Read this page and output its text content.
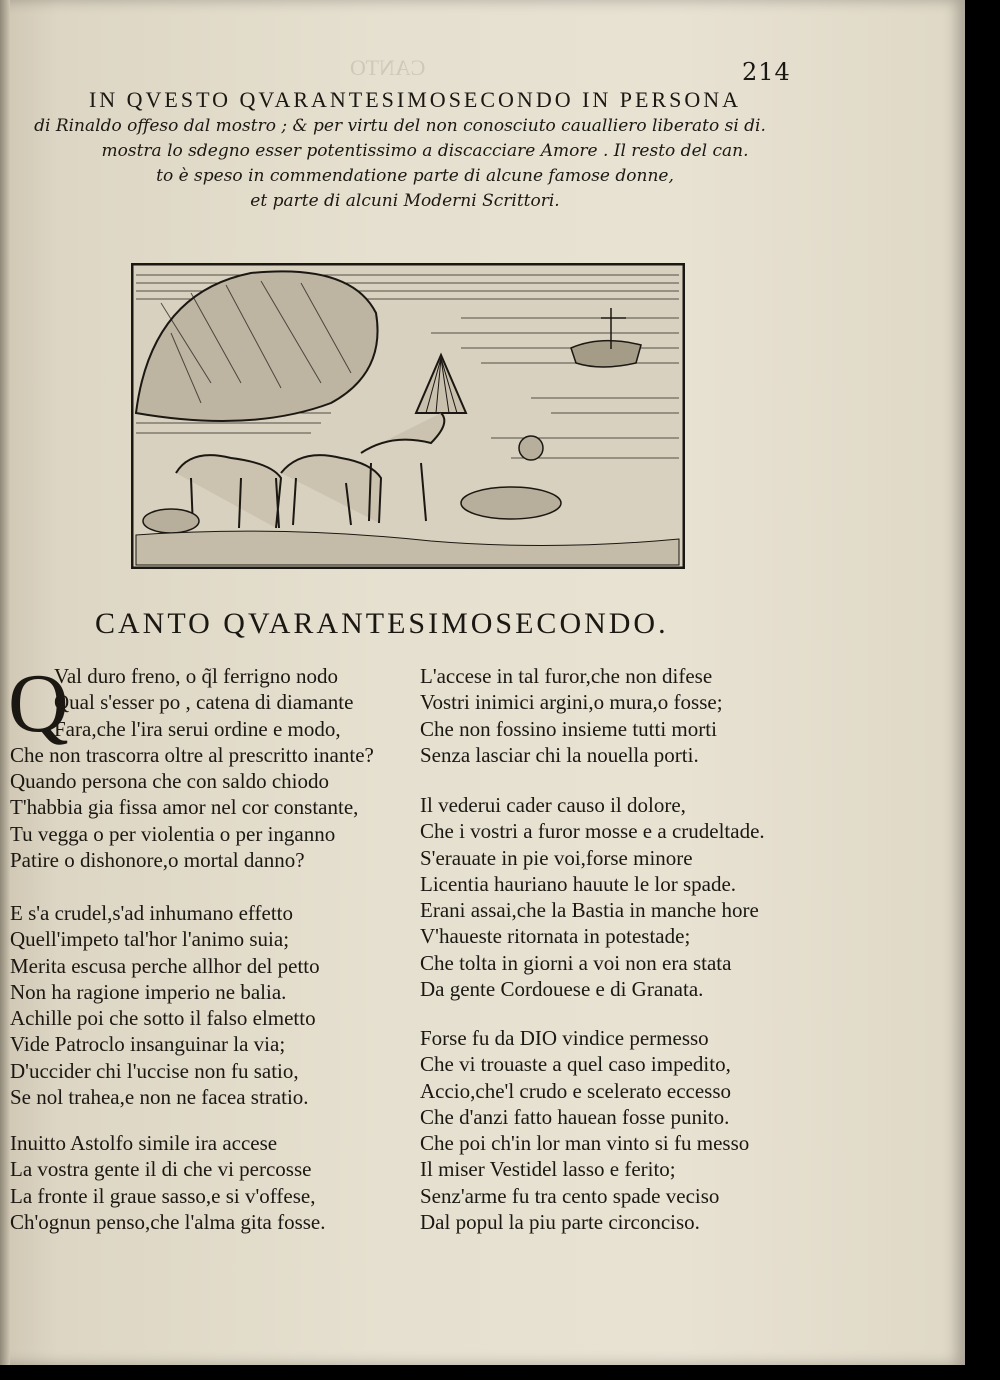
CANTO	214
IN QVESTO QVARANTESIMOSECONDO IN PERSONA
di Rinaldo offeso dal mostro ; & per virtu del non conosciuto caualliero liberato si di.
mostra lo sdegno esser potentissimo a discacciare Amore . Il resto del can.
to è speso in commendatione parte di alcune famose donne,
et parte di alcuni Moderni Scrittori.
CANTO QVARANTESIMOSECONDO.
Q
Val duro freno, o q̃l ferrigno nodo
Qual s'esser po , catena di diamante
Fara,che l'ira serui ordine e modo,
Che non trascorra oltre al prescritto inante?
Quando persona che con saldo chiodo
T'habbia gia fissa amor nel cor constante,
Tu vegga o per violentia o per inganno
Patire o dishonore,o mortal danno?
E s'a crudel,s'ad inhumano effetto
Quell'impeto tal'hor l'animo suia;
Merita escusa perche allhor del petto
Non ha ragione imperio ne balia.
Achille poi che sotto il falso elmetto
Vide Patroclo insanguinar la via;
D'uccider chi l'uccise non fu satio,
Se nol trahea,e non ne facea stratio.
Inuitto Astolfo simile ira accese
La vostra gente il di che vi percosse
La fronte il graue sasso,e si v'offese,
Ch'ognun penso,che l'alma gita fosse.
L'accese in tal furor,che non difese
Vostri inimici argini,o mura,o fosse;
Che non fossino insieme tutti morti
Senza lasciar chi la nouella porti.
Il vederui cader causo il dolore,
Che i vostri a furor mosse e a crudeltade.
S'erauate in pie voi,forse minore
Licentia hauriano hauute le lor spade.
Erani assai,che la Bastia in manche hore
V'haueste ritornata in potestade;
Che tolta in giorni a voi non era stata
Da gente Cordouese e di Granata.
Forse fu da DIO vindice permesso
Che vi trouaste a quel caso impedito,
Accio,che'l crudo e scelerato eccesso
Che d'anzi fatto hauean fosse punito.
Che poi ch'in lor man vinto si fu messo
Il miser Vestidel lasso e ferito;
Senz'arme fu tra cento spade veciso
Dal popul la piu parte circonciso.
